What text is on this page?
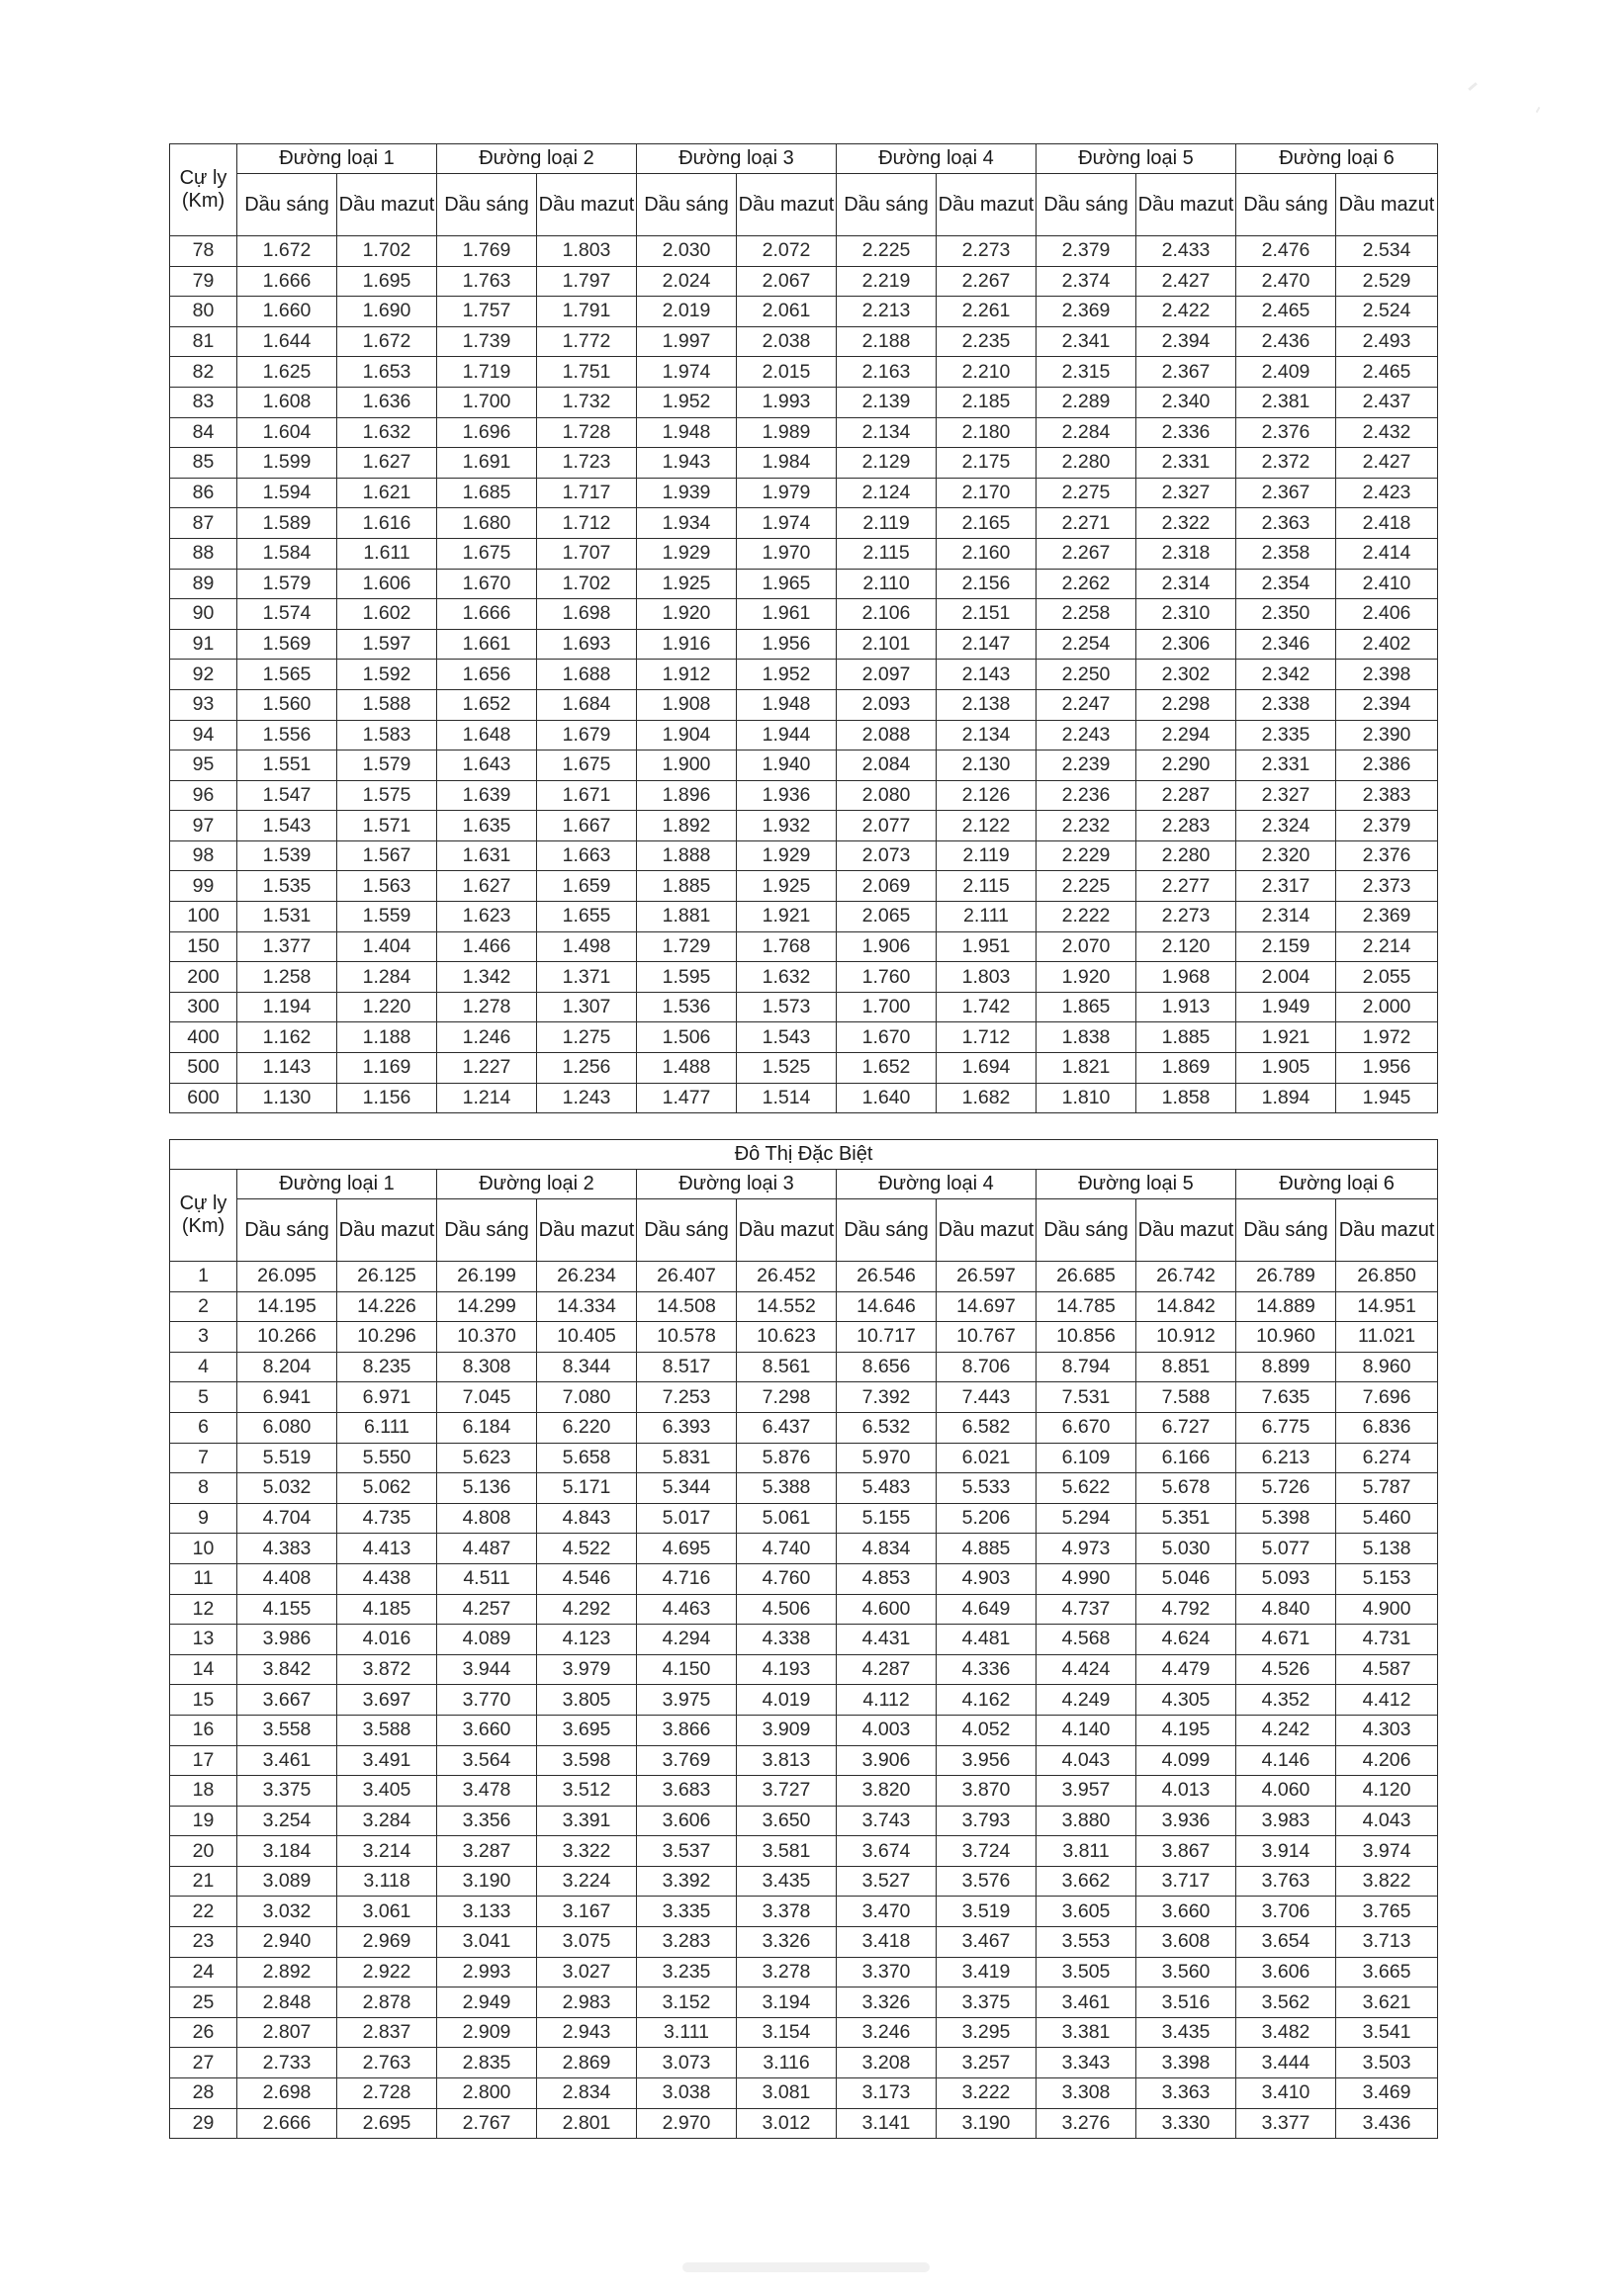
Cự ly (Km)	Đường loại 1		Đường loại 2		Đường loại 3		Đường loại 4		Đường loại 5		Đường loại 6	
	Dầu sáng	Dầu mazut	Dầu sáng	Dầu mazut	Dầu sáng	Dầu mazut	Dầu sáng	Dầu mazut	Dầu sáng	Dầu mazut	Dầu sáng	Dầu mazut
78	1.672	1.702	1.769	1.803	2.030	2.072	2.225	2.273	2.379	2.433	2.476	2.534
79	1.666	1.695	1.763	1.797	2.024	2.067	2.219	2.267	2.374	2.427	2.470	2.529
80	1.660	1.690	1.757	1.791	2.019	2.061	2.213	2.261	2.369	2.422	2.465	2.524
81	1.644	1.672	1.739	1.772	1.997	2.038	2.188	2.235	2.341	2.394	2.436	2.493
82	1.625	1.653	1.719	1.751	1.974	2.015	2.163	2.210	2.315	2.367	2.409	2.465
83	1.608	1.636	1.700	1.732	1.952	1.993	2.139	2.185	2.289	2.340	2.381	2.437
84	1.604	1.632	1.696	1.728	1.948	1.989	2.134	2.180	2.284	2.336	2.376	2.432
85	1.599	1.627	1.691	1.723	1.943	1.984	2.129	2.175	2.280	2.331	2.372	2.427
86	1.594	1.621	1.685	1.717	1.939	1.979	2.124	2.170	2.275	2.327	2.367	2.423
87	1.589	1.616	1.680	1.712	1.934	1.974	2.119	2.165	2.271	2.322	2.363	2.418
88	1.584	1.611	1.675	1.707	1.929	1.970	2.115	2.160	2.267	2.318	2.358	2.414
89	1.579	1.606	1.670	1.702	1.925	1.965	2.110	2.156	2.262	2.314	2.354	2.410
90	1.574	1.602	1.666	1.698	1.920	1.961	2.106	2.151	2.258	2.310	2.350	2.406
91	1.569	1.597	1.661	1.693	1.916	1.956	2.101	2.147	2.254	2.306	2.346	2.402
92	1.565	1.592	1.656	1.688	1.912	1.952	2.097	2.143	2.250	2.302	2.342	2.398
93	1.560	1.588	1.652	1.684	1.908	1.948	2.093	2.138	2.247	2.298	2.338	2.394
94	1.556	1.583	1.648	1.679	1.904	1.944	2.088	2.134	2.243	2.294	2.335	2.390
95	1.551	1.579	1.643	1.675	1.900	1.940	2.084	2.130	2.239	2.290	2.331	2.386
96	1.547	1.575	1.639	1.671	1.896	1.936	2.080	2.126	2.236	2.287	2.327	2.383
97	1.543	1.571	1.635	1.667	1.892	1.932	2.077	2.122	2.232	2.283	2.324	2.379
98	1.539	1.567	1.631	1.663	1.888	1.929	2.073	2.119	2.229	2.280	2.320	2.376
99	1.535	1.563	1.627	1.659	1.885	1.925	2.069	2.115	2.225	2.277	2.317	2.373
100	1.531	1.559	1.623	1.655	1.881	1.921	2.065	2.111	2.222	2.273	2.314	2.369
150	1.377	1.404	1.466	1.498	1.729	1.768	1.906	1.951	2.070	2.120	2.159	2.214
200	1.258	1.284	1.342	1.371	1.595	1.632	1.760	1.803	1.920	1.968	2.004	2.055
300	1.194	1.220	1.278	1.307	1.536	1.573	1.700	1.742	1.865	1.913	1.949	2.000
400	1.162	1.188	1.246	1.275	1.506	1.543	1.670	1.712	1.838	1.885	1.921	1.972
500	1.143	1.169	1.227	1.256	1.488	1.525	1.652	1.694	1.821	1.869	1.905	1.956
600	1.130	1.156	1.214	1.243	1.477	1.514	1.640	1.682	1.810	1.858	1.894	1.945
Đô Thị Đặc Biệt												
Cự ly (Km)	Đường loại 1		Đường loại 2		Đường loại 3		Đường loại 4		Đường loại 5		Đường loại 6	
	Dầu sáng	Dầu mazut	Dầu sáng	Dầu mazut	Dầu sáng	Dầu mazut	Dầu sáng	Dầu mazut	Dầu sáng	Dầu mazut	Dầu sáng	Dầu mazut
1	26.095	26.125	26.199	26.234	26.407	26.452	26.546	26.597	26.685	26.742	26.789	26.850
2	14.195	14.226	14.299	14.334	14.508	14.552	14.646	14.697	14.785	14.842	14.889	14.951
3	10.266	10.296	10.370	10.405	10.578	10.623	10.717	10.767	10.856	10.912	10.960	11.021
4	8.204	8.235	8.308	8.344	8.517	8.561	8.656	8.706	8.794	8.851	8.899	8.960
5	6.941	6.971	7.045	7.080	7.253	7.298	7.392	7.443	7.531	7.588	7.635	7.696
6	6.080	6.111	6.184	6.220	6.393	6.437	6.532	6.582	6.670	6.727	6.775	6.836
7	5.519	5.550	5.623	5.658	5.831	5.876	5.970	6.021	6.109	6.166	6.213	6.274
8	5.032	5.062	5.136	5.171	5.344	5.388	5.483	5.533	5.622	5.678	5.726	5.787
9	4.704	4.735	4.808	4.843	5.017	5.061	5.155	5.206	5.294	5.351	5.398	5.460
10	4.383	4.413	4.487	4.522	4.695	4.740	4.834	4.885	4.973	5.030	5.077	5.138
11	4.408	4.438	4.511	4.546	4.716	4.760	4.853	4.903	4.990	5.046	5.093	5.153
12	4.155	4.185	4.257	4.292	4.463	4.506	4.600	4.649	4.737	4.792	4.840	4.900
13	3.986	4.016	4.089	4.123	4.294	4.338	4.431	4.481	4.568	4.624	4.671	4.731
14	3.842	3.872	3.944	3.979	4.150	4.193	4.287	4.336	4.424	4.479	4.526	4.587
15	3.667	3.697	3.770	3.805	3.975	4.019	4.112	4.162	4.249	4.305	4.352	4.412
16	3.558	3.588	3.660	3.695	3.866	3.909	4.003	4.052	4.140	4.195	4.242	4.303
17	3.461	3.491	3.564	3.598	3.769	3.813	3.906	3.956	4.043	4.099	4.146	4.206
18	3.375	3.405	3.478	3.512	3.683	3.727	3.820	3.870	3.957	4.013	4.060	4.120
19	3.254	3.284	3.356	3.391	3.606	3.650	3.743	3.793	3.880	3.936	3.983	4.043
20	3.184	3.214	3.287	3.322	3.537	3.581	3.674	3.724	3.811	3.867	3.914	3.974
21	3.089	3.118	3.190	3.224	3.392	3.435	3.527	3.576	3.662	3.717	3.763	3.822
22	3.032	3.061	3.133	3.167	3.335	3.378	3.470	3.519	3.605	3.660	3.706	3.765
23	2.940	2.969	3.041	3.075	3.283	3.326	3.418	3.467	3.553	3.608	3.654	3.713
24	2.892	2.922	2.993	3.027	3.235	3.278	3.370	3.419	3.505	3.560	3.606	3.665
25	2.848	2.878	2.949	2.983	3.152	3.194	3.326	3.375	3.461	3.516	3.562	3.621
26	2.807	2.837	2.909	2.943	3.111	3.154	3.246	3.295	3.381	3.435	3.482	3.541
27	2.733	2.763	2.835	2.869	3.073	3.116	3.208	3.257	3.343	3.398	3.444	3.503
28	2.698	2.728	2.800	2.834	3.038	3.081	3.173	3.222	3.308	3.363	3.410	3.469
29	2.666	2.695	2.767	2.801	2.970	3.012	3.141	3.190	3.276	3.330	3.377	3.436
